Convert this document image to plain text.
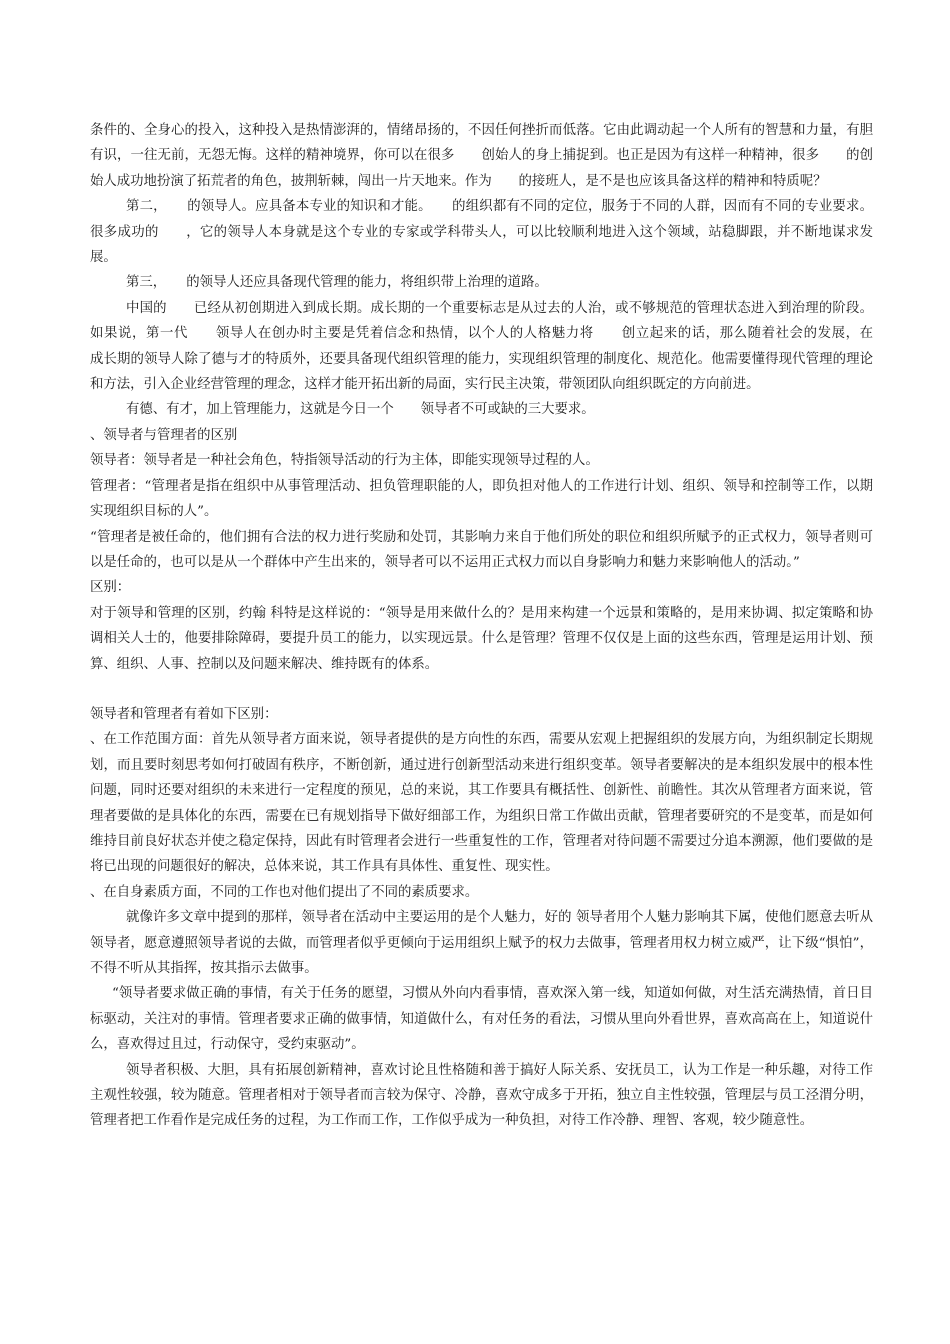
条件的、全身心的投入，这种投入是热情澎湃的，情绪昂扬的，不因任何挫折而低落。它由此调动起一个人所有的智慧和力量，有胆有识，一往无前，无怨无悔。这样的精神境界，你可以在很多　　创始人的身上捕捉到。也正是因为有这样一种精神，很多　　的创始人成功地扮演了拓荒者的角色，披荆斩棘，闯出一片天地来。作为　　的接班人，是不是也应该具备这样的精神和特质呢？

第二，　　的领导人。应具备本专业的知识和才能。　　的组织都有不同的定位，服务于不同的人群，因而有不同的专业要求。很多成功的　　，它的领导人本身就是这个专业的专家或学科带头人，可以比较顺利地进入这个领域，站稳脚跟，并不断地谋求发展。

第三，　　的领导人还应具备现代管理的能力，将组织带上治理的道路。

中国的　　已经从初创期进入到成长期。成长期的一个重要标志是从过去的人治，或不够规范的管理状态进入到治理的阶段。如果说，第一代　　领导人在创办时主要是凭着信念和热情，以个人的人格魅力将　　创立起来的话，那么随着社会的发展，在　　成长期的领导人除了德与才的特质外，还要具备现代组织管理的能力，实现组织管理的制度化、规范化。他需要懂得现代管理的理论和方法，引入企业经营管理的理念，这样才能开拓出新的局面，实行民主决策，带领团队向组织既定的方向前进。

有德、有才，加上管理能力，这就是今日一个　　领导者不可或缺的三大要求。

、领导者与管理者的区别

领导者：领导者是一种社会角色，特指领导活动的行为主体，即能实现领导过程的人。

管理者：“管理者是指在组织中从事管理活动、担负管理职能的人，即负担对他人的工作进行计划、组织、领导和控制等工作，以期实现组织目标的人”。

“管理者是被任命的，他们拥有合法的权力进行奖励和处罚，其影响力来自于他们所处的职位和组织所赋予的正式权力，领导者则可以是任命的，也可以是从一个群体中产生出来的，领导者可以不运用正式权力而以自身影响力和魅力来影响他人的活动。”

区别：

对于领导和管理的区别，约翰 科特是这样说的：“领导是用来做什么的？是用来构建一个远景和策略的，是用来协调、拟定策略和协调相关人士的，他要排除障碍，要提升员工的能力，以实现远景。什么是管理？管理不仅仅是上面的这些东西，管理是运用计划、预算、组织、人事、控制以及问题来解决、维持既有的体系。

领导者和管理者有着如下区别：

、在工作范围方面：首先从领导者方面来说，领导者提供的是方向性的东西，需要从宏观上把握组织的发展方向，为组织制定长期规划，而且要时刻思考如何打破固有秩序，不断创新，通过进行创新型活动来进行组织变革。领导者要解决的是本组织发展中的根本性问题，同时还要对组织的未来进行一定程度的预见，总的来说，其工作要具有概括性、创新性、前瞻性。其次从管理者方面来说，管理者要做的是具体化的东西，需要在已有规划指导下做好细部工作，为组织日常工作做出贡献，管理者要研究的不是变革，而是如何维持目前良好状态并使之稳定保持，因此有时管理者会进行一些重复性的工作，管理者对待问题不需要过分追本溯源，他们要做的是将已出现的问题很好的解决，总体来说，其工作具有具体性、重复性、现实性。

、在自身素质方面，不同的工作也对他们提出了不同的素质要求。

就像许多文章中提到的那样，领导者在活动中主要运用的是个人魅力，好的 领导者用个人魅力影响其下属，使他们愿意去听从领导者，愿意遵照领导者说的去做，而管理者似乎更倾向于运用组织上赋予的权力去做事，管理者用权力树立威严，让下级“惧怕”，不得不听从其指挥，按其指示去做事。

“领导者要求做正确的事情，有关于任务的愿望，习惯从外向内看事情，喜欢深入第一线，知道如何做，对生活充满热情，首日目标驱动，关注对的事情。管理者要求正确的做事情，知道做什么，有对任务的看法，习惯从里向外看世界，喜欢高高在上，知道说什么，喜欢得过且过，行动保守，受约束驱动”。

领导者积极、大胆，具有拓展创新精神，喜欢讨论且性格随和善于搞好人际关系、安抚员工，认为工作是一种乐趣，对待工作主观性较强，较为随意。管理者相对于领导者而言较为保守、冷静，喜欢守成多于开拓，独立自主性较强，管理层与员工泾渭分明，管理者把工作看作是完成任务的过程，为工作而工作，工作似乎成为一种负担，对待工作冷静、理智、客观，较少随意性。
